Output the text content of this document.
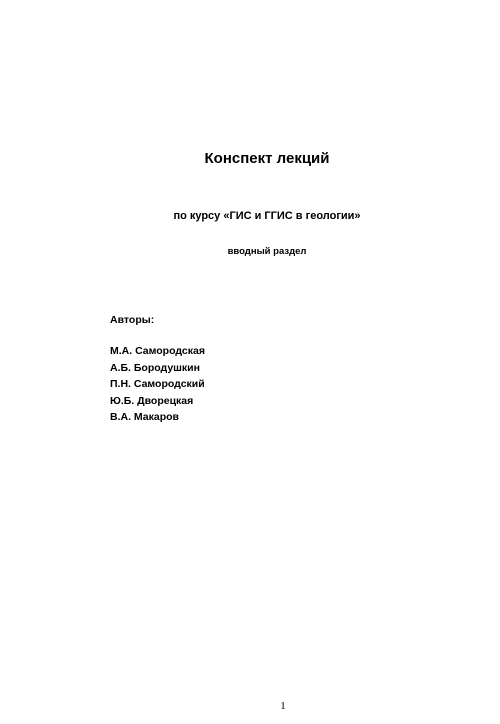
Конспект лекций
по курсу «ГИС и ГГИС в геологии»
вводный раздел
Авторы:
М.А. Самородская
А.Б. Бородушкин
П.Н. Самородский
Ю.Б. Дворецкая
В.А. Макаров
1
